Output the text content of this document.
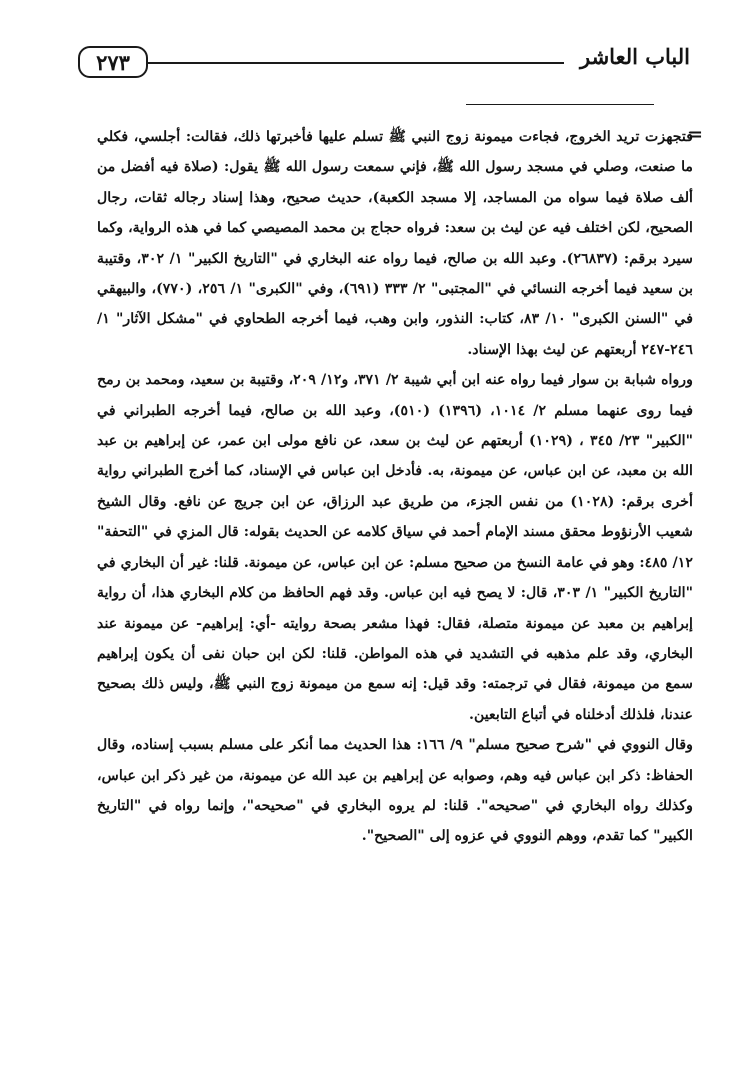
الباب العاشر
٢٧٣
=

فتجهزت تريد الخروج، فجاءت ميمونة زوج النبي ﷺ تسلم عليها فأخبرتها ذلك، فقالت: أجلسي، فكلي ما صنعت، وصلي في مسجد رسول الله ﷺ، فإني سمعت رسول الله ﷺ يقول: (صلاة فيه أفضل من ألف صلاة فيما سواه من المساجد، إلا مسجد الكعبة)، حديث صحيح، وهذا إسناد رجاله ثقات، رجال الصحيح، لكن اختلف فيه عن ليث بن سعد: فرواه حجاج بن محمد المصيصي كما في هذه الرواية، وكما سيرد برقم: (٢٦٨٣٧). وعبد الله بن صالح، فيما رواه عنه البخاري في "التاريخ الكبير" ١/ ٣٠٢، وقتيبة بن سعيد فيما أخرجه النسائي في "المجتبى" ٢/ ٣٣٣ (٦٩١)، وفي "الكبرى" ١/ ٢٥٦، (٧٧٠)، والبيهقي في "السنن الكبرى" ١٠/ ٨٣، كتاب: النذور، وابن وهب، فيما أخرجه الطحاوي في "مشكل الآثار" ١/ ٢٤٦-٢٤٧ أربعتهم عن ليث بهذا الإسناد.

ورواه شبابة بن سوار فيما رواه عنه ابن أبي شيبة ٢/ ٣٧١، و١٢/ ٢٠٩، وقتيبة بن سعيد، ومحمد بن رمح فيما روى عنهما مسلم ٢/ ١٠١٤، (١٣٩٦) (٥١٠)، وعبد الله بن صالح، فيما أخرجه الطبراني في "الكبير" ٢٣/ ٣٤٥ ، (١٠٢٩) أربعتهم عن ليث بن سعد، عن نافع مولى ابن عمر، عن إبراهيم بن عبد الله بن معبد، عن ابن عباس، عن ميمونة، به. فأدخل ابن عباس في الإسناد، كما أخرج الطبراني رواية أخرى برقم: (١٠٢٨) من نفس الجزء، من طريق عبد الرزاق، عن ابن جريج عن نافع. وقال الشيخ شعيب الأرنؤوط محقق مسند الإمام أحمد في سياق كلامه عن الحديث بقوله: قال المزي في "التحفة" ١٢/ ٤٨٥: وهو في عامة النسخ من صحيح مسلم: عن ابن عباس، عن ميمونة. قلنا: غير أن البخاري في "التاريخ الكبير" ١/ ٣٠٣، قال: لا يصح فيه ابن عباس. وقد فهم الحافظ من كلام البخاري هذا، أن رواية إبراهيم بن معبد عن ميمونة متصلة، فقال: فهذا مشعر بصحة روايته -أي: إبراهيم- عن ميمونة عند البخاري، وقد علم مذهبه في التشديد في هذه المواطن. قلنا: لكن ابن حبان نفى أن يكون إبراهيم سمع من ميمونة، فقال في ترجمته: وقد قيل: إنه سمع من ميمونة زوج النبي ﷺ، وليس ذلك بصحيح عندنا، فلذلك أدخلناه في أتباع التابعين.

وقال النووي في "شرح صحيح مسلم" ٩/ ١٦٦: هذا الحديث مما أنكر على مسلم بسبب إسناده، وقال الحفاظ: ذكر ابن عباس فيه وهم، وصوابه عن إبراهيم بن عبد الله عن ميمونة، من غير ذكر ابن عباس، وكذلك رواه البخاري في "صحيحه". قلنا: لم يروه البخاري في "صحيحه"، وإنما رواه في "التاريخ الكبير" كما تقدم، ووهم النووي في عزوه إلى "الصحيح".
